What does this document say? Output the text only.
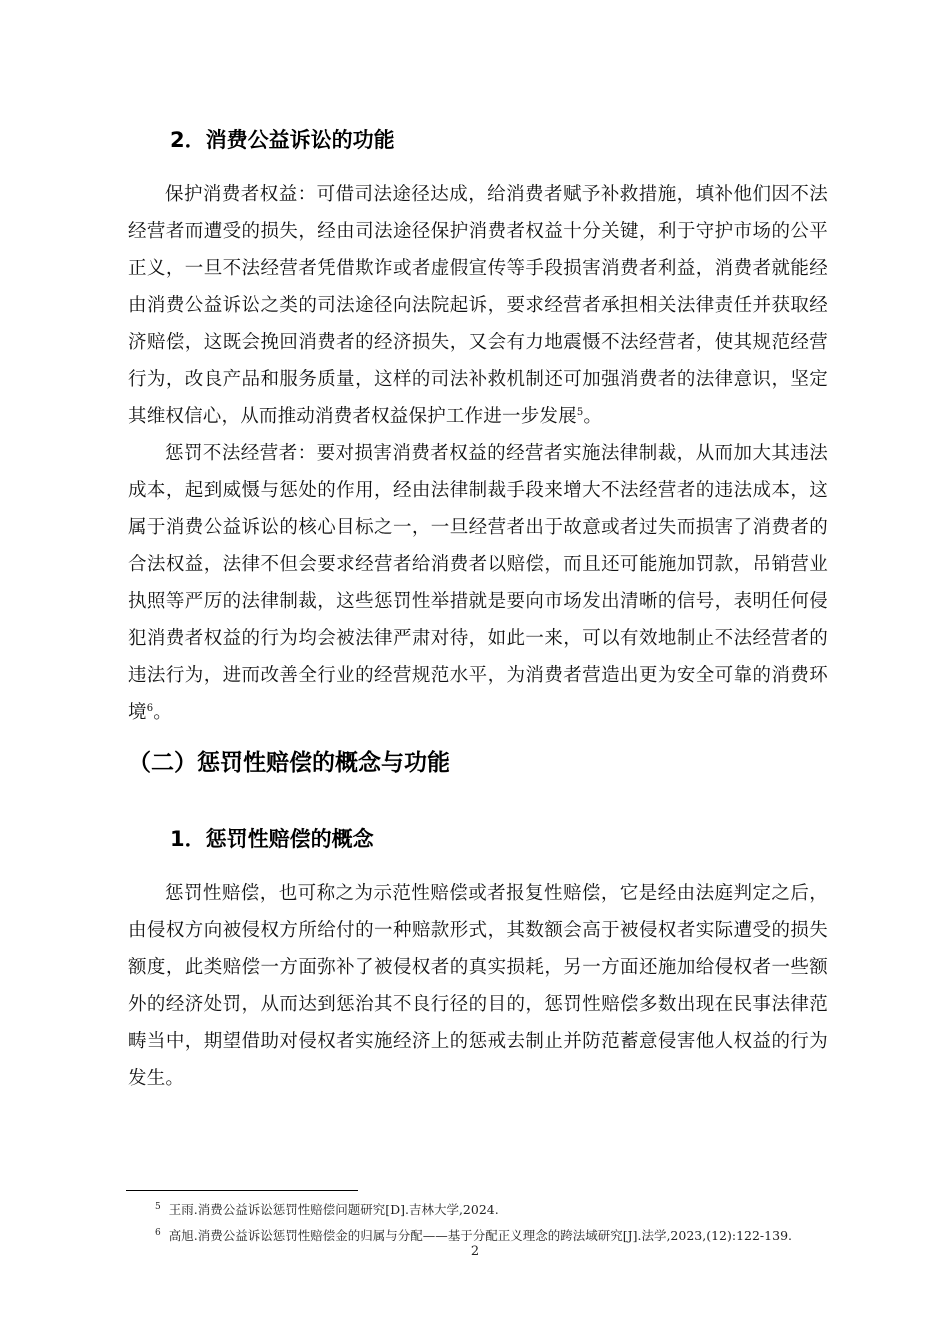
2．消费公益诉讼的功能

保护消费者权益：可借司法途径达成，给消费者赋予补救措施，填补他们因不法经营者而遭受的损失，经由司法途径保护消费者权益十分关键，利于守护市场的公平正义，一旦不法经营者凭借欺诈或者虚假宣传等手段损害消费者利益，消费者就能经由消费公益诉讼之类的司法途径向法院起诉，要求经营者承担相关法律责任并获取经济赔偿，这既会挽回消费者的经济损失，又会有力地震慑不法经营者，使其规范经营行为，改良产品和服务质量，这样的司法补救机制还可加强消费者的法律意识，坚定其维权信心，从而推动消费者权益保护工作进一步发展$^5$。

惩罚不法经营者：要对损害消费者权益的经营者实施法律制裁，从而加大其违法成本，起到威慑与惩处的作用，经由法律制裁手段来增大不法经营者的违法成本，这属于消费公益诉讼的核心目标之一，一旦经营者出于故意或者过失而损害了消费者的合法权益，法律不但会要求经营者给消费者以赔偿，而且还可能施加罚款，吊销营业执照等严厉的法律制裁，这些惩罚性举措就是要向市场发出清晰的信号，表明任何侵犯消费者权益的行为均会被法律严肃对待，如此一来，可以有效地制止不法经营者的违法行为，进而改善全行业的经营规范水平，为消费者营造出更为安全可靠的消费环境$^6$。

（二）惩罚性赔偿的概念与功能
1．惩罚性赔偿的概念

惩罚性赔偿，也可称之为示范性赔偿或者报复性赔偿，它是经由法庭判定之后，由侵权方向被侵权方所给付的一种赔款形式，其数额会高于被侵权者实际遭受的损失额度，此类赔偿一方面弥补了被侵权者的真实损耗，另一方面还施加给侵权者一些额外的经济处罚，从而达到惩治其不良行径的目的，惩罚性赔偿多数出现在民事法律范畴当中，期望借助对侵权者实施经济上的惩戒去制止并防范蓄意侵害他人权益的行为发生。

$^5$ 王雨.消费公益诉讼惩罚性赔偿问题研究[D].吉林大学,2024.

$^6$ 高旭.消费公益诉讼惩罚性赔偿金的归属与分配——基于分配正义理念的跨法域研究[J].法学,2023,(12):122-139.

2
